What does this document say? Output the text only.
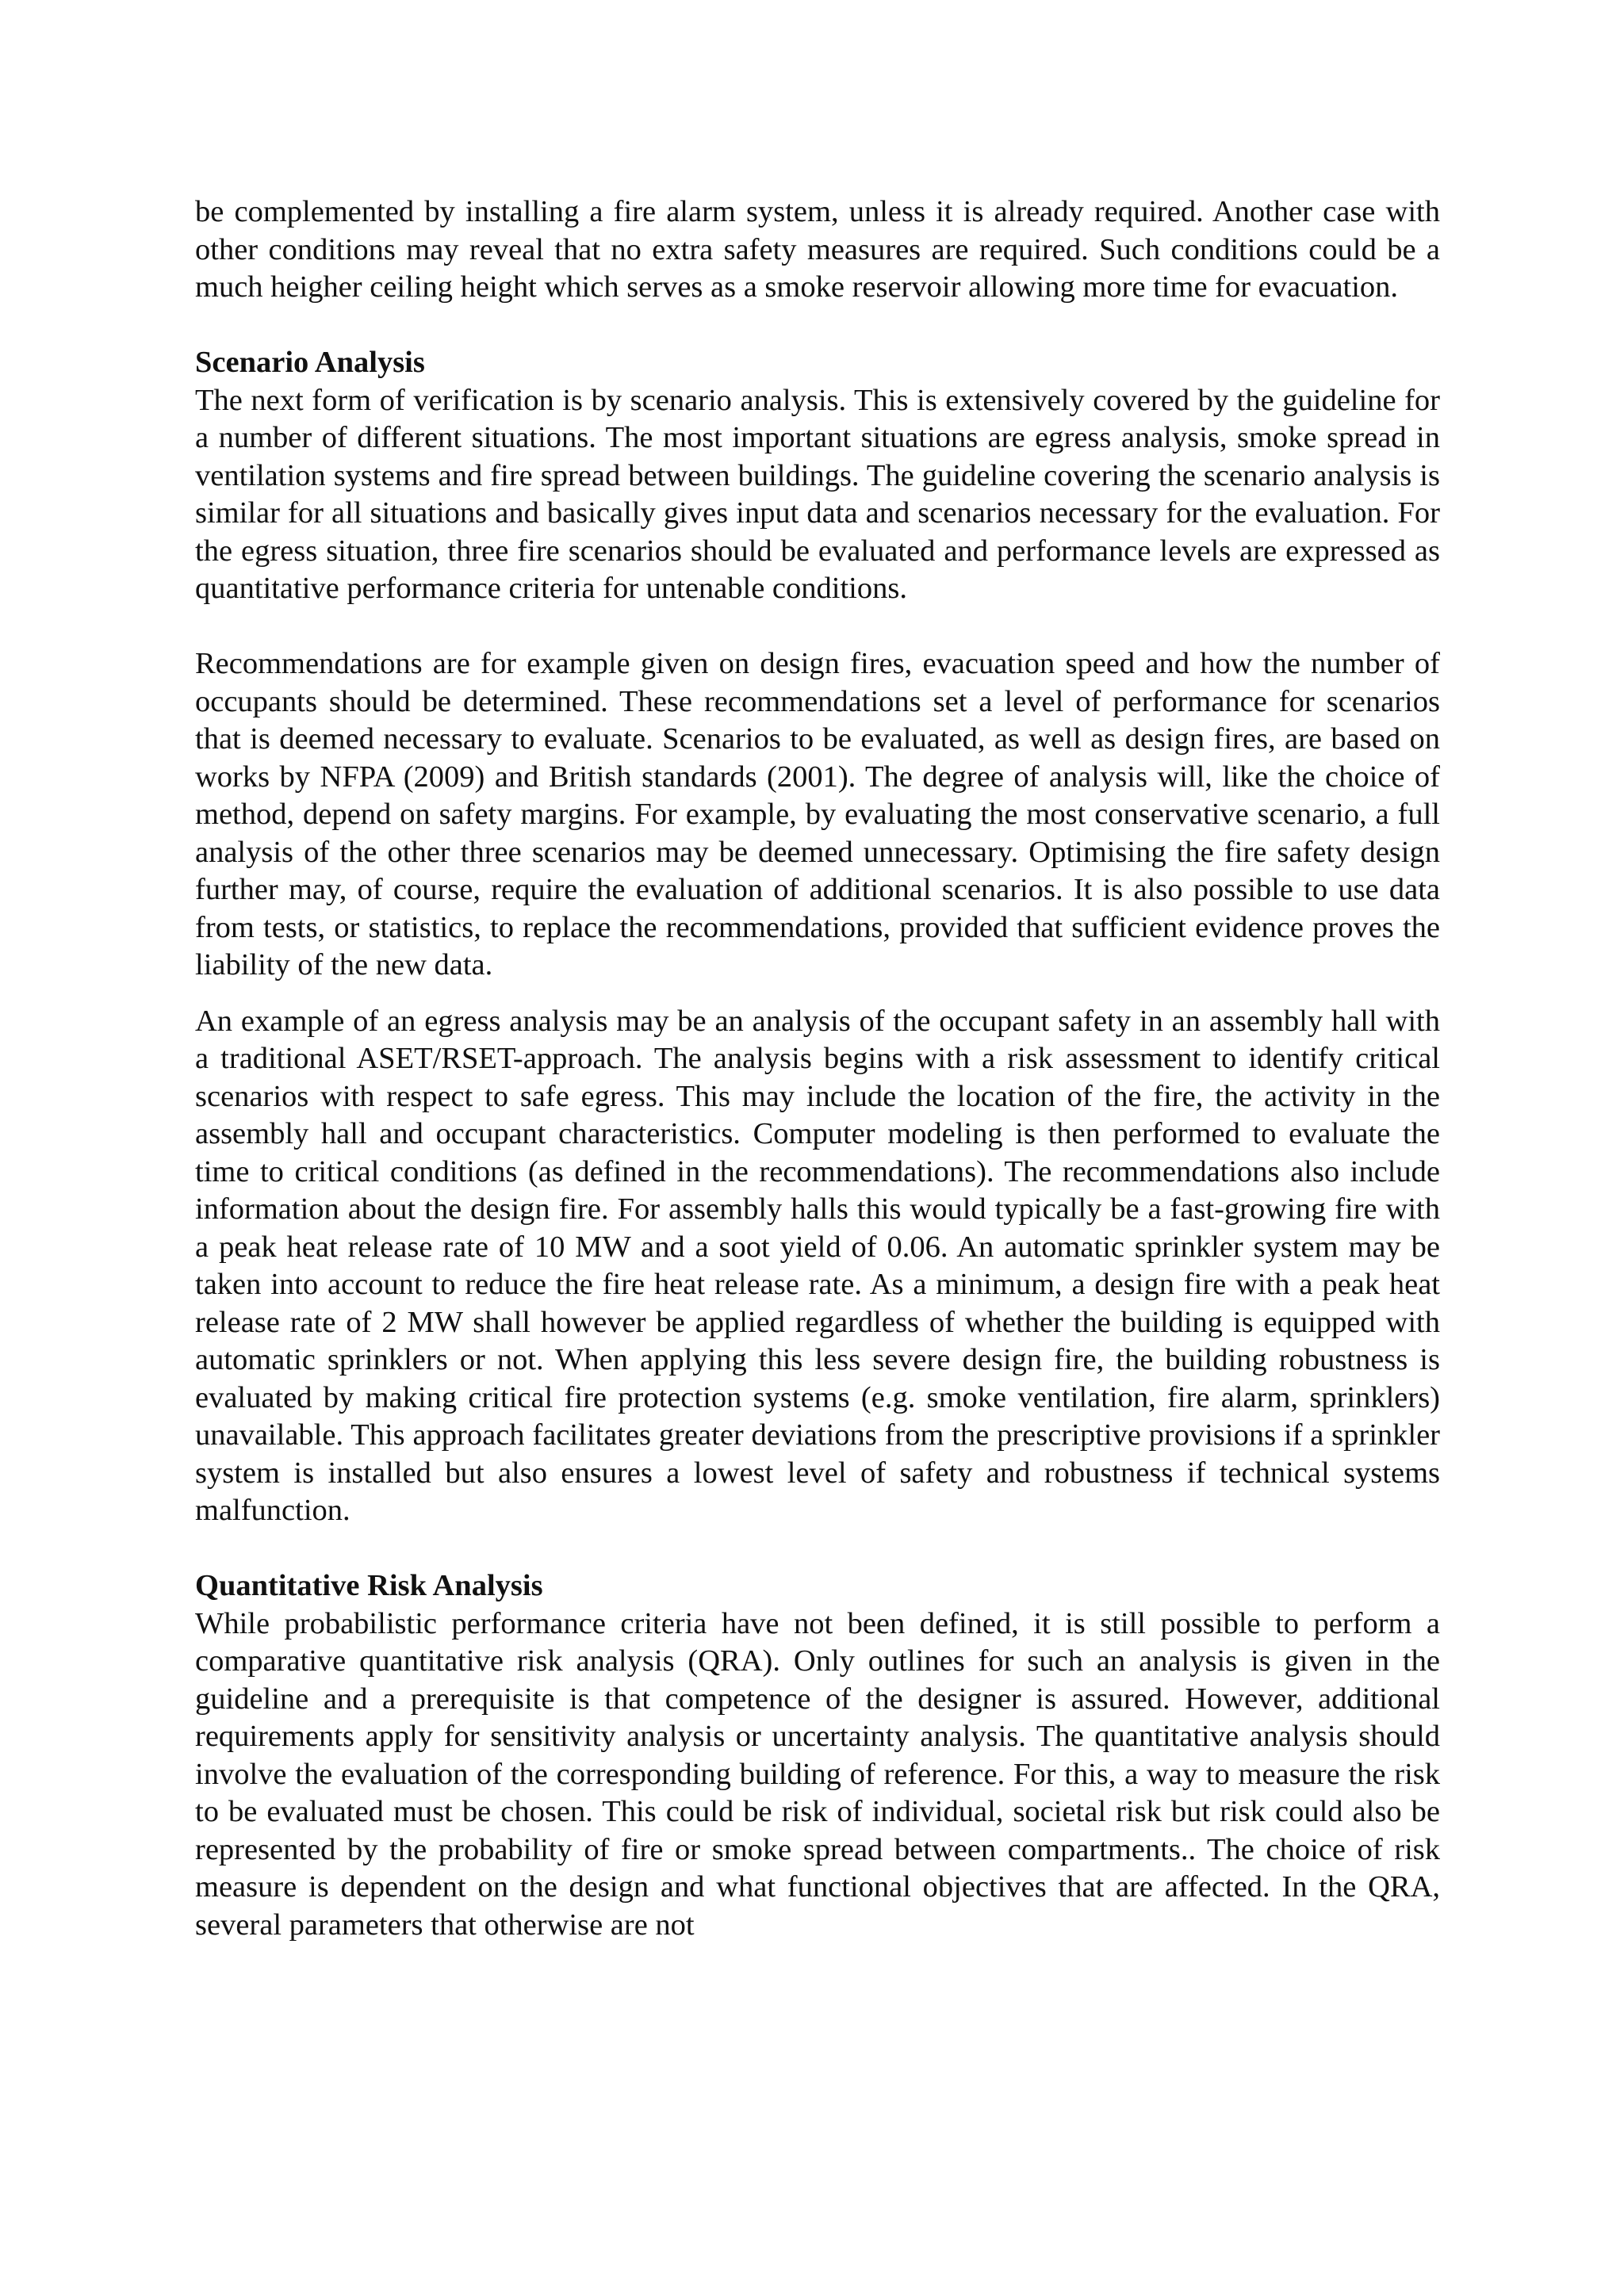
be complemented by installing a fire alarm system, unless it is already required. Another case with other conditions may reveal that no extra safety measures are required. Such conditions could be a much heigher ceiling height which serves as a smoke reservoir allowing more time for evacuation.

Scenario Analysis

The next form of verification is by scenario analysis. This is extensively covered by the guideline for a number of different situations. The most important situations are egress analysis, smoke spread in ventilation systems and fire spread between buildings. The guideline covering the scenario analysis is similar for all situations and basically gives input data and scenarios necessary for the evaluation. For the egress situation, three fire scenarios should be evaluated and performance levels are expressed as quantitative performance criteria for untenable conditions.

Recommendations are for example given on design fires, evacuation speed and how the number of occupants should be determined. These recommendations set a level of performance for scenarios that is deemed necessary to evaluate. Scenarios to be evaluated, as well as design fires, are based on works by NFPA (2009) and British standards (2001). The degree of analysis will, like the choice of method, depend on safety margins. For example, by evaluating the most conservative scenario, a full analysis of the other three scenarios may be deemed unnecessary. Optimising the fire safety design further may, of course, require the evaluation of additional scenarios. It is also possible to use data from tests, or statistics, to replace the recommendations, provided that sufficient evidence proves the liability of the new data.

An example of an egress analysis may be an analysis of the occupant safety in an assembly hall with a traditional ASET/RSET-approach. The analysis begins with a risk assessment to identify critical scenarios with respect to safe egress. This may include the location of the fire, the activity in the assembly hall and occupant characteristics. Computer modeling is then performed to evaluate the time to critical conditions (as defined in the recommendations). The recommendations also include information about the design fire. For assembly halls this would typically be a fast-growing fire with a peak heat release rate of 10 MW and a soot yield of 0.06. An automatic sprinkler system may be taken into account to reduce the fire heat release rate. As a minimum, a design fire with a peak heat release rate of 2 MW shall however be applied regardless of whether the building is equipped with automatic sprinklers or not. When applying this less severe design fire, the building robustness is evaluated by making critical fire protection systems (e.g. smoke ventilation, fire alarm, sprinklers) unavailable. This approach facilitates greater deviations from the prescriptive provisions if a sprinkler system is installed but also ensures a lowest level of safety and robustness if technical systems malfunction.

Quantitative Risk Analysis

While probabilistic performance criteria have not been defined, it is still possible to perform a comparative quantitative risk analysis (QRA). Only outlines for such an analysis is given in the guideline and a prerequisite is that competence of the designer is assured. However, additional requirements apply for sensitivity analysis or uncertainty analysis. The quantitative analysis should involve the evaluation of the corresponding building of reference. For this, a way to measure the risk to be evaluated must be chosen. This could be risk of individual, societal risk but risk could also be represented by the probability of fire or smoke spread between compartments.. The choice of risk measure is dependent on the design and what functional objectives that are affected. In the QRA, several parameters that otherwise are not
